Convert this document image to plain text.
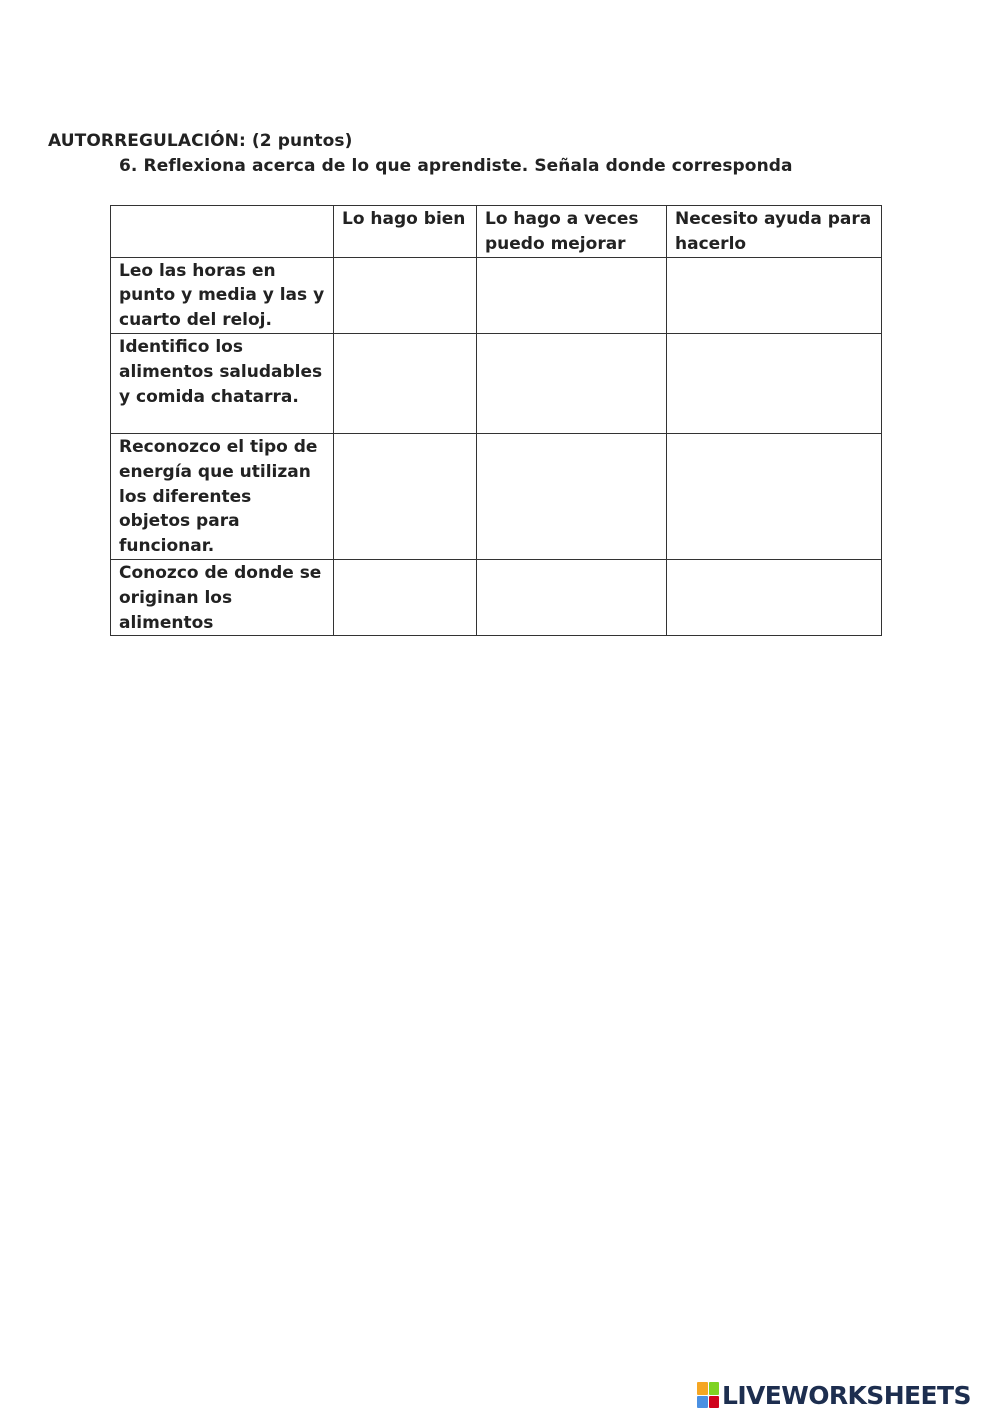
AUTORREGULACIÓN: (2 puntos)
6. Reflexiona acerca de lo que aprendiste. Señala donde corresponda
	Lo hago bien	Lo hago a veces puedo mejorar	Necesito ayuda para hacerlo
Leo las horas en punto y media y las y cuarto del reloj.			
Identifico los alimentos saludables y comida chatarra.			
Reconozco el tipo de energía que utilizan los diferentes objetos para funcionar.			
Conozco de donde se originan los alimentos			
LIVEWORKSHEETS
